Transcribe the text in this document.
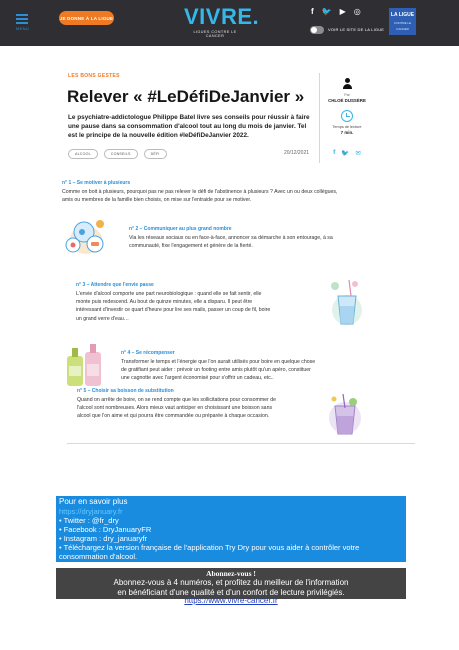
MENU
JE DONNE À LA LIGUE	VIVRE.
LIGUES CONTRE LE CANCER
f 🐦 ▶ ◎
VOIR LE SITE DE LA LIGUE
LA LIGUE
CONTRE LE CANCER
LES BONS GESTES
Relever « #LeDéfiDeJanvier »
Le psychiatre-addictologue Philippe Batel livre ses conseils pour réussir à faire une pause dans sa consommation d'alcool tout au long du mois de janvier. Tel est le principe de la nouvelle édition #leDéfiDeJanvier 2022.
ALCOOL	CONSEILS	DÉFI	20/12/2021
Par
CHLOÉ DUSSÈRE
Temps de lecture
7 min.
f 🐦 ✉
n° 1 – Se motiver à plusieurs
Comme on boit à plusieurs, pourquoi pas ne pas relever le défi de l'abstinence à plusieurs ? Avec un ou deux collègues,
amis ou membres de la famille bien choisis, on mise sur l'entraide pour se motiver.
n° 2 – Communiquer au plus grand nombre
Via les réseaux sociaux ou en face-à-face, annoncer sa démarche à son entourage, à sa
communauté, fixe l'engagement et génère de la fierté.
n° 3 – Attendre que l'envie passe
L'envie d'alcool comporte une part neurobiologique : quand elle se fait sentir, elle
monte puis redescend. Au bout de quinze minutes, elle a disparu. Il peut être
intéressant d'investir ce quart d'heure pour lire ses mails, passer un coup de fil, boire
un grand verre d'eau…
n° 4 – Se récompenser
Transformer le temps et l'énergie que l'on aurait utilisés pour boire en quelque chose
de gratifiant peut aider : prévoir un footing entre amis plutôt qu'un apéro, constituer
une cagnotte avec l'argent économisé pour s'offrir un cadeau, etc..
n° 5 – Choisir sa boisson de substitution
Quand on arrête de boire, on se rend compte que les sollicitations pour consommer de
l'alcool sont nombreuses. Alors mieux vaut anticiper en choisissant une boisson sans
alcool que l'on aime et qui pourra être commandée ou préparée à chaque occasion.
Pour en savoir plus
https://dryjanuary.fr
• Twitter : @fr_dry
• Facebook : DryJanuaryFR
• Instagram : dry_januaryfr
• Téléchargez la version française de l'application Try Dry pour vous aider à contrôler votre
consommation d'alcool.
Abonnez-vous !
Abonnez-vous à 4 numéros, et profitez du meilleur de l'information
en bénéficiant d'une qualité et d'un confort de lecture privilégiés.
https://www.vivre-cancer.fr
